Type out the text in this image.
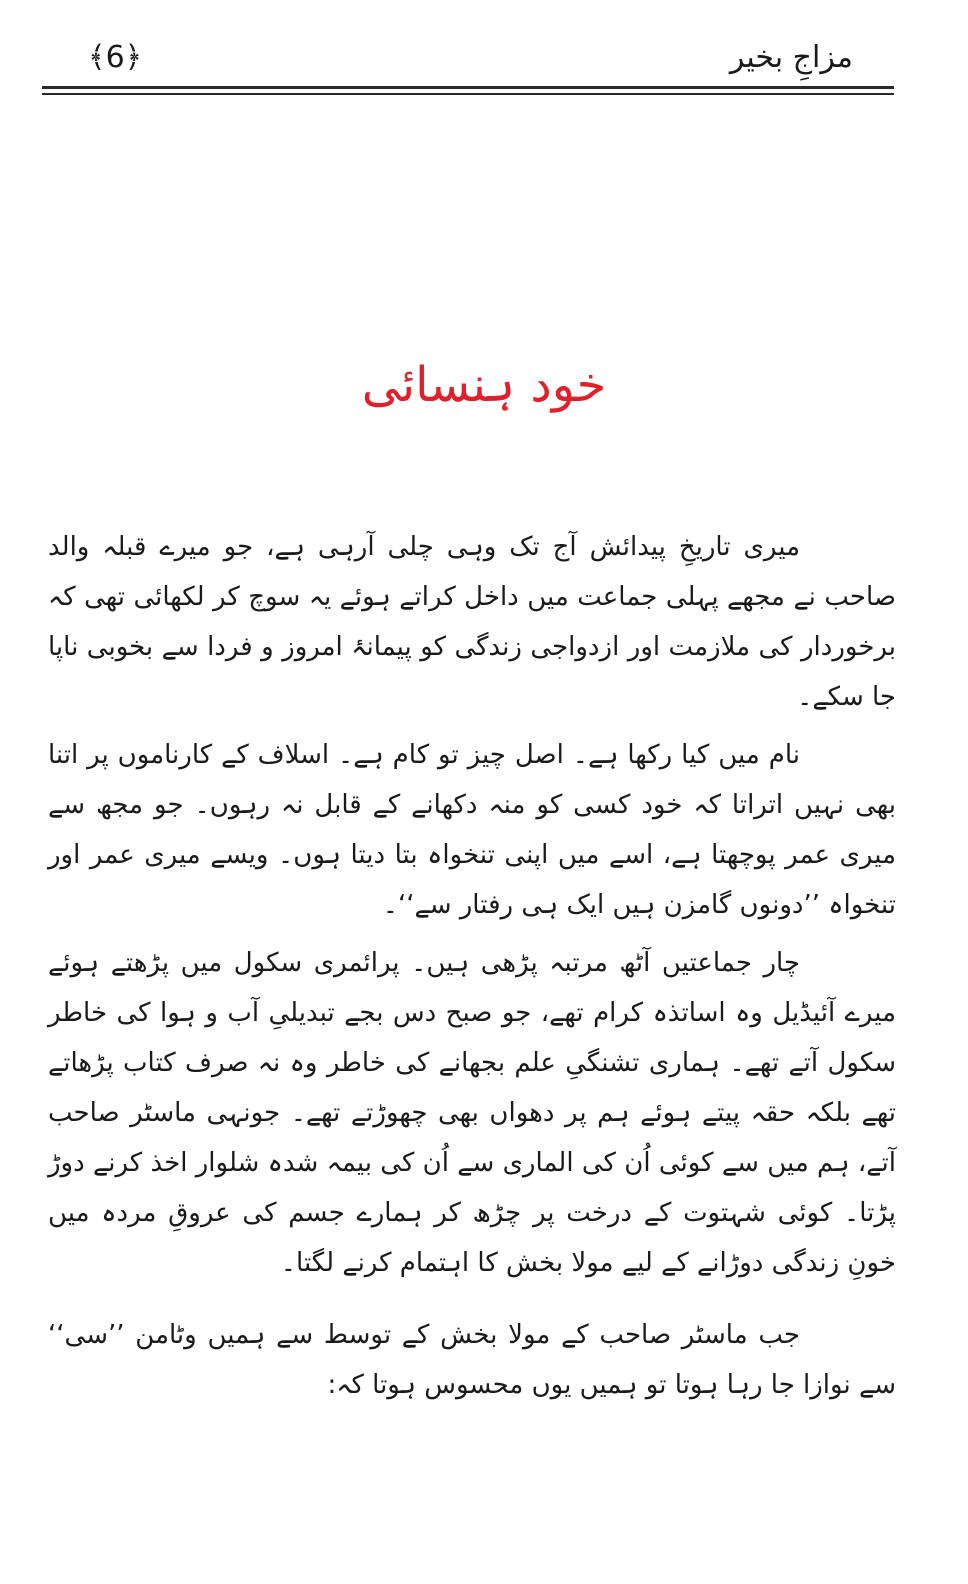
﴾6﴿	مزاجِ بخیر
خود ہنسائی

میری تاریخِ پیدائش آج تک وہی چلی آرہی ہے، جو میرے قبلہ والد صاحب نے مجھے پہلی جماعت میں داخل کراتے ہوئے یہ سوچ کر لکھائی تھی کہ برخوردار کی ملازمت اور ازدواجی زندگی کو پیمانۂ امروز و فردا سے بخوبی ناپا جا سکے۔

نام میں کیا رکھا ہے۔ اصل چیز تو کام ہے۔ اسلاف کے کارناموں پر اتنا بھی نہیں اتراتا کہ خود کسی کو منہ دکھانے کے قابل نہ رہوں۔ جو مجھ سے میری عمر پوچھتا ہے، اسے میں اپنی تنخواہ بتا دیتا ہوں۔ ویسے میری عمر اور تنخواہ ’’دونوں گامزن ہیں ایک ہی رفتار سے‘‘۔

چار جماعتیں آٹھ مرتبہ پڑھی ہیں۔ پرائمری سکول میں پڑھتے ہوئے میرے آئیڈیل وہ اساتذہ کرام تھے، جو صبح دس بجے تبدیلیِ آب و ہوا کی خاطر سکول آتے تھے۔ ہماری تشنگیِ علم بجھانے کی خاطر وہ نہ صرف کتاب پڑھاتے تھے بلکہ حقہ پیتے ہوئے ہم پر دھواں بھی چھوڑتے تھے۔ جونہی ماسٹر صاحب آتے، ہم میں سے کوئی اُن کی الماری سے اُن کی بیمہ شدہ شلوار اخذ کرنے دوڑ پڑتا۔ کوئی شہتوت کے درخت پر چڑھ کر ہمارے جسم کی عروقِ مردہ میں خونِ زندگی دوڑانے کے لیے مولا بخش کا اہتمام کرنے لگتا۔

جب ماسٹر صاحب کے مولا بخش کے توسط سے ہمیں وٹامن ’’سی‘‘ سے نوازا جا رہا ہوتا تو ہمیں یوں محسوس ہوتا کہ:
